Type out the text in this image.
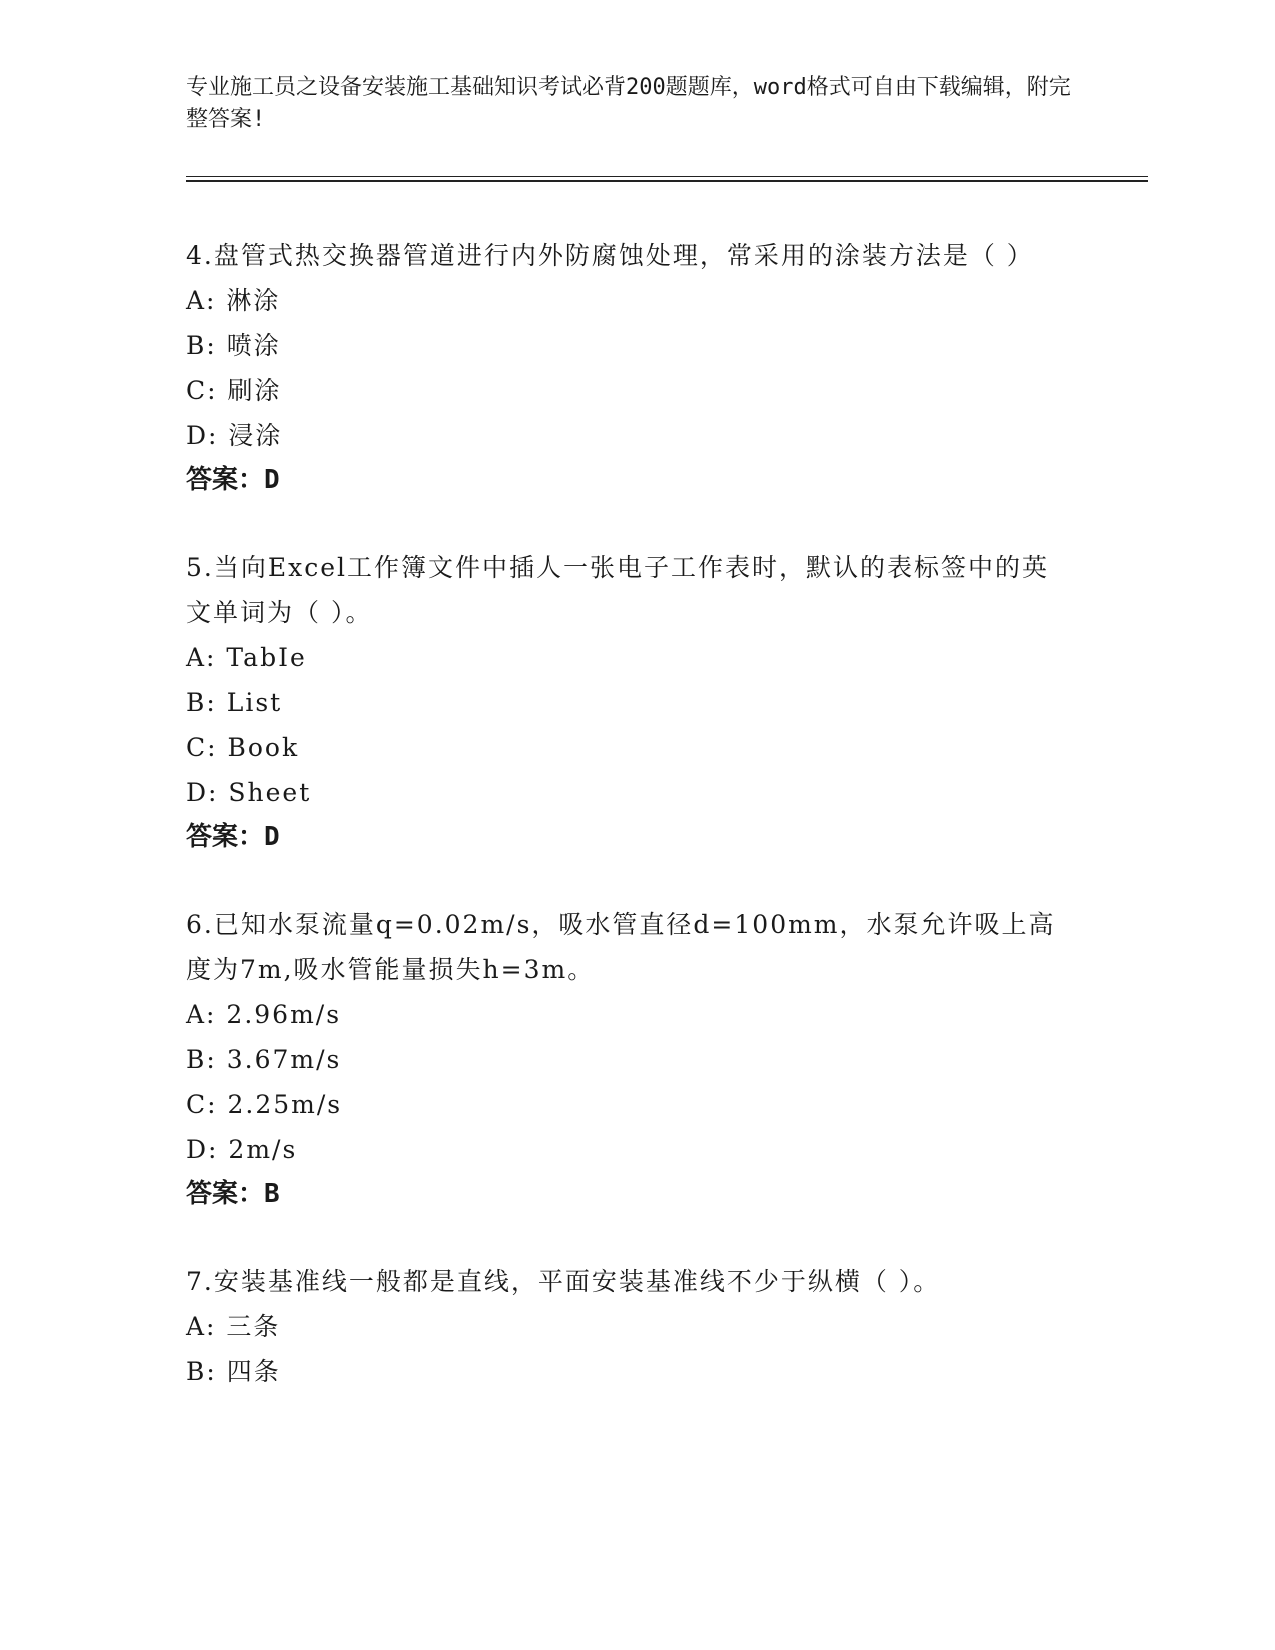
专业施工员之设备安装施工基础知识考试必背200题题库，word格式可自由下载编辑，附完整答案!

4.盘管式热交换器管道进行内外防腐蚀处理，常采用的涂装方法是（ ）

A: 淋涂

B: 喷涂

C: 刷涂

D: 浸涂

答案：D

5.当向Excel工作簿文件中插人一张电子工作表时，默认的表标签中的英文单词为（ ）。

A: TabIe

B: List

C: Book

D: Sheet

答案：D

6.已知水泵流量q=0.02m/s，吸水管直径d=100mm，水泵允许吸上高度为7m,吸水管能量损失h=3m。

A: 2.96m/s

B: 3.67m/s

C: 2.25m/s

D: 2m/s

答案：B

7.安装基准线一般都是直线，平面安装基准线不少于纵横（ ）。

A: 三条

B: 四条
